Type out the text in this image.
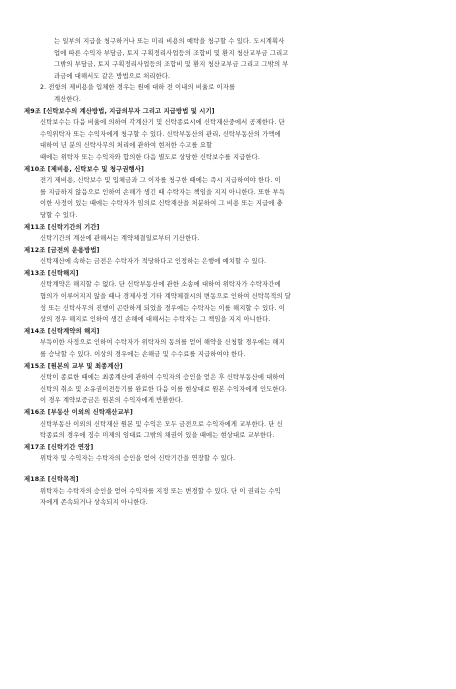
는 일부의 지급을 청구하거나 또는 미리 비용의 예탁을 청구할 수 있다. 도시계획사
업에 따른 수익자 부담금, 토지 구획정리사업등의 조합비 및 환지 청산교부금 그리고
그밖의 부담금, 토지 구획정리사업등의 조합비 및 환지 청산교부금 그리고 그밖의 부
과금에 대해서도 같은 방법으로 처리한다.
2. 전항의 제비용을 입체한 경우는 원에 대하 전 이내의 비율로 이자를
계산한다.
제9조 [신탁보수의 계산방법, 지급의무자 그리고 지급방법 및 시기]
신탁보수는 다음 비율에 의하여 각계산기 및 신탁종료시에 신탁재산중에서 공제한다. 단
수익위탁자 또는 수익자에게 청구할 수 있다. 신탁부동산의 관리, 신탁부동산의 가액에
대하여 년 분의 신탁사무의 처리에 관하여 현저한 수고를 요할
때에는 위탁자 또는 수익자와 합의한 다음 별도로 상당한 신탁보수를 지급한다.
제10조 [제비용, 신탁보수 및 청구권행사]
전기 제비용, 신탁보수 및 입체금과 그 이자를 청구한 때에는 즉시 지급하여야 한다. 이
를 지급하지 않음으로 인하여 손해가 생긴 때 수탁자는 책임을 지지 아니한다. 또한 부득
이한 사정이 있는 때에는 수탁자가 임의로 신탁재산을 처분하여 그 비용 또는 지급에 충
당할 수 있다.
제11조 [신탁기간의 기간]
신탁기간의 계산에 관해서는 계약체결일로부터 기산한다.
제12조 [금전의 운용방법]
신탁재산에 속하는 금전은 수탁자가 적당하다고 인정하는 은행에 예치할 수 있다.
제13조 [신탁해지]
신탁계약은 해지할 수 없다. 단 신탁부동산에 관한 소송에 대하여 위탁자가 수탁자간에
협의가 이루어지지 않을 때나 경제사정 기타 계약체결시의 변동으로 인하여 신탁목적의 달
성 또는 신탁사무의 진행이 곤란하게 되었을 경우에는 수탁자는 이를 해지할 수 있다. 이
상의 경우 해지로 인하여 생긴 손해에 대해서는 수탁자는 그 책임을 지지 아니한다.
제14조 [신탁계약의 해지]
부득이한 사정으로 인하여 수탁자가 위탁자의 동의를 얻어 해약을 신청할 경우에는 해지
를 승낙할 수 있다. 이상의 경우에는 손해금 및 수수료를 지급하여야 한다.
제15조 [원본의 교부 및 최종계산]
신탁이 종료한 때에는 최종계산에 관하여 수익자의 승인을 얻은 후 신탁부동산에 대하여
신탁의 취소 및 소유권이전등기를 완료한 다음 이를 현상대로 원본 수익자에게 인도한다.
이 경우 계약보증금은 원본의 수익자에게 반환한다.
제16조 [부동산 이외의 신탁재산교부]
신탁부동산 이외의 신탁재산 원본 및 수익은 모두 금전으로 수익자에게 교부한다. 단 신
탁종료의 경우에 징수 미제의 임대료 그밖의 채권이 있을 때에는 현상대로 교부한다.
제17조 [신탁기간 연장]
위탁자 및 수익자는 수탁자의 승인을 얻어 신탁기간을 연장할 수 있다.
제18조 [신탁목적]
위탁자는 수탁자의 승인을 얻어 수익자를 지정 또는 변경할 수 있다. 단 이 권리는 수익
자에게 존속되거나 상속되지 아니한다.
